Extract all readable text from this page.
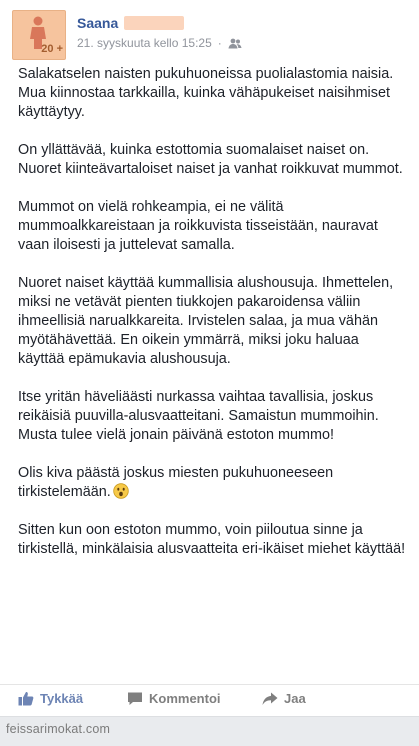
20 +
Saana
21. syyskuuta kello 15:25 ·

Salakatselen naisten pukuhuoneissa puolialastomia naisia. Mua kiinnostaa tarkkailla, kuinka vähäpukeiset naisihmiset käyttäytyy.

On yllättävää, kuinka estottomia suomalaiset naiset on. Nuoret kiinteävartaloiset naiset ja vanhat roikkuvat mummot.

Mummot on vielä rohkeampia, ei ne välitä mummoalkkareistaan ja roikkuvista tisseistään, nauravat vaan iloisesti ja juttelevat samalla.

Nuoret naiset käyttää kummallisia alushousuja. Ihmettelen, miksi ne vetävät pienten tiukkojen pakaroidensa väliin ihmeellisiä narualkkareita. Irvistelen salaa, ja mua vähän myötähävettää. En oikein ymmärrä, miksi joku haluaa käyttää epämukavia alushousuja.

Itse yritän häveliäästi nurkassa vaihtaa tavallisia, joskus reikäisiä puuvilla-alusvaatteitani. Samaistun mummoihin. Musta tulee vielä jonain päivänä estoton mummo!

Olis kiva päästä joskus miesten pukuhuoneeseen tirkistelemään.

Sitten kun oon estoton mummo, voin piiloutua sinne ja tirkistellä, minkälaisia alusvaatteita eri-ikäiset miehet käyttää!

Tykkää	Kommentoi	Jaa
feissarimokat.com
